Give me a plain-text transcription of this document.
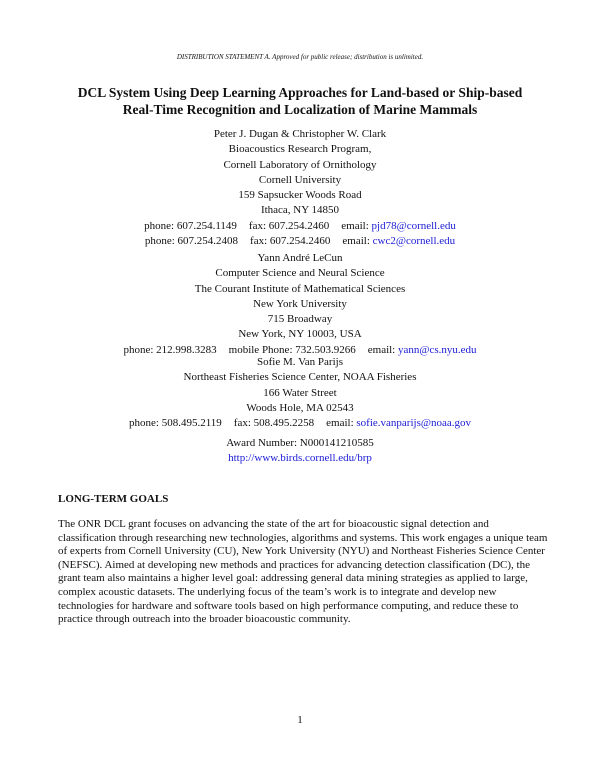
DISTRIBUTION STATEMENT A. Approved for public release; distribution is unlimited.
DCL System Using Deep Learning Approaches for Land-based or Ship-based
Real-Time Recognition and Localization of Marine Mammals
Peter J. Dugan & Christopher W. Clark
Bioacoustics Research Program,
Cornell Laboratory of Ornithology
Cornell University
159 Sapsucker Woods Road
Ithaca, NY 14850
phone: 607.254.1149 fax: 607.254.2460 email: pjd78@cornell.edu
phone: 607.254.2408 fax: 607.254.2460 email: cwc2@cornell.edu
Yann André LeCun
Computer Science and Neural Science
The Courant Institute of Mathematical Sciences
New York University
715 Broadway
New York, NY 10003, USA
phone: 212.998.3283 mobile Phone: 732.503.9266 email: yann@cs.nyu.edu
Sofie M. Van Parijs
Northeast Fisheries Science Center, NOAA Fisheries
166 Water Street
Woods Hole, MA 02543
phone: 508.495.2119 fax: 508.495.2258 email: sofie.vanparijs@noaa.gov
Award Number: N000141210585
http://www.birds.cornell.edu/brp
LONG-TERM GOALS
The ONR DCL grant focuses on advancing the state of the art for bioacoustic signal detection and classification through researching new technologies, algorithms and systems. This work engages a unique team of experts from Cornell University (CU), New York University (NYU) and Northeast Fisheries Science Center (NEFSC). Aimed at developing new methods and practices for advancing detection classification (DC), the grant team also maintains a higher level goal: addressing general data mining strategies as applied to large, complex acoustic datasets. The underlying focus of the team’s work is to integrate and develop new technologies for hardware and software tools based on high performance computing, and reduce these to practice through outreach into the broader bioacoustic community.
1
